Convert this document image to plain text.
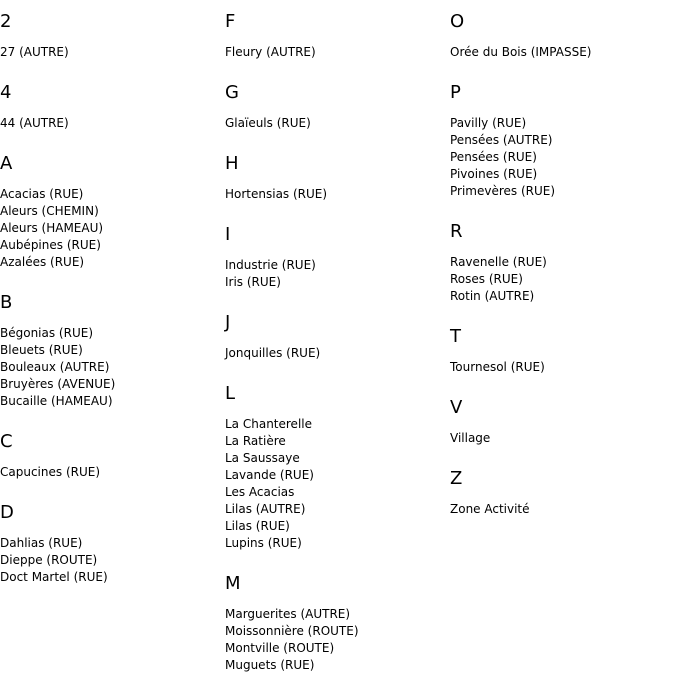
2
27 (AUTRE)
4
44 (AUTRE)
A
Acacias (RUE)
Aleurs (CHEMIN)
Aleurs (HAMEAU)
Aubépines (RUE)
Azalées (RUE)
B
Bégonias (RUE)
Bleuets (RUE)
Bouleaux (AUTRE)
Bruyères (AVENUE)
Bucaille (HAMEAU)
C
Capucines (RUE)
D
Dahlias (RUE)
Dieppe (ROUTE)
Doct Martel (RUE)
F
Fleury (AUTRE)
G
Glaïeuls (RUE)
H
Hortensias (RUE)
I
Industrie (RUE)
Iris (RUE)
J
Jonquilles (RUE)
L
La Chanterelle
La Ratière
La Saussaye
Lavande (RUE)
Les Acacias
Lilas (AUTRE)
Lilas (RUE)
Lupins (RUE)
M
Marguerites (AUTRE)
Moissonnière (ROUTE)
Montville (ROUTE)
Muguets (RUE)
O
Orée du Bois (IMPASSE)
P
Pavilly (RUE)
Pensées (AUTRE)
Pensées (RUE)
Pivoines (RUE)
Primevères (RUE)
R
Ravenelle (RUE)
Roses (RUE)
Rotin (AUTRE)
T
Tournesol (RUE)
V
Village
Z
Zone Activité
